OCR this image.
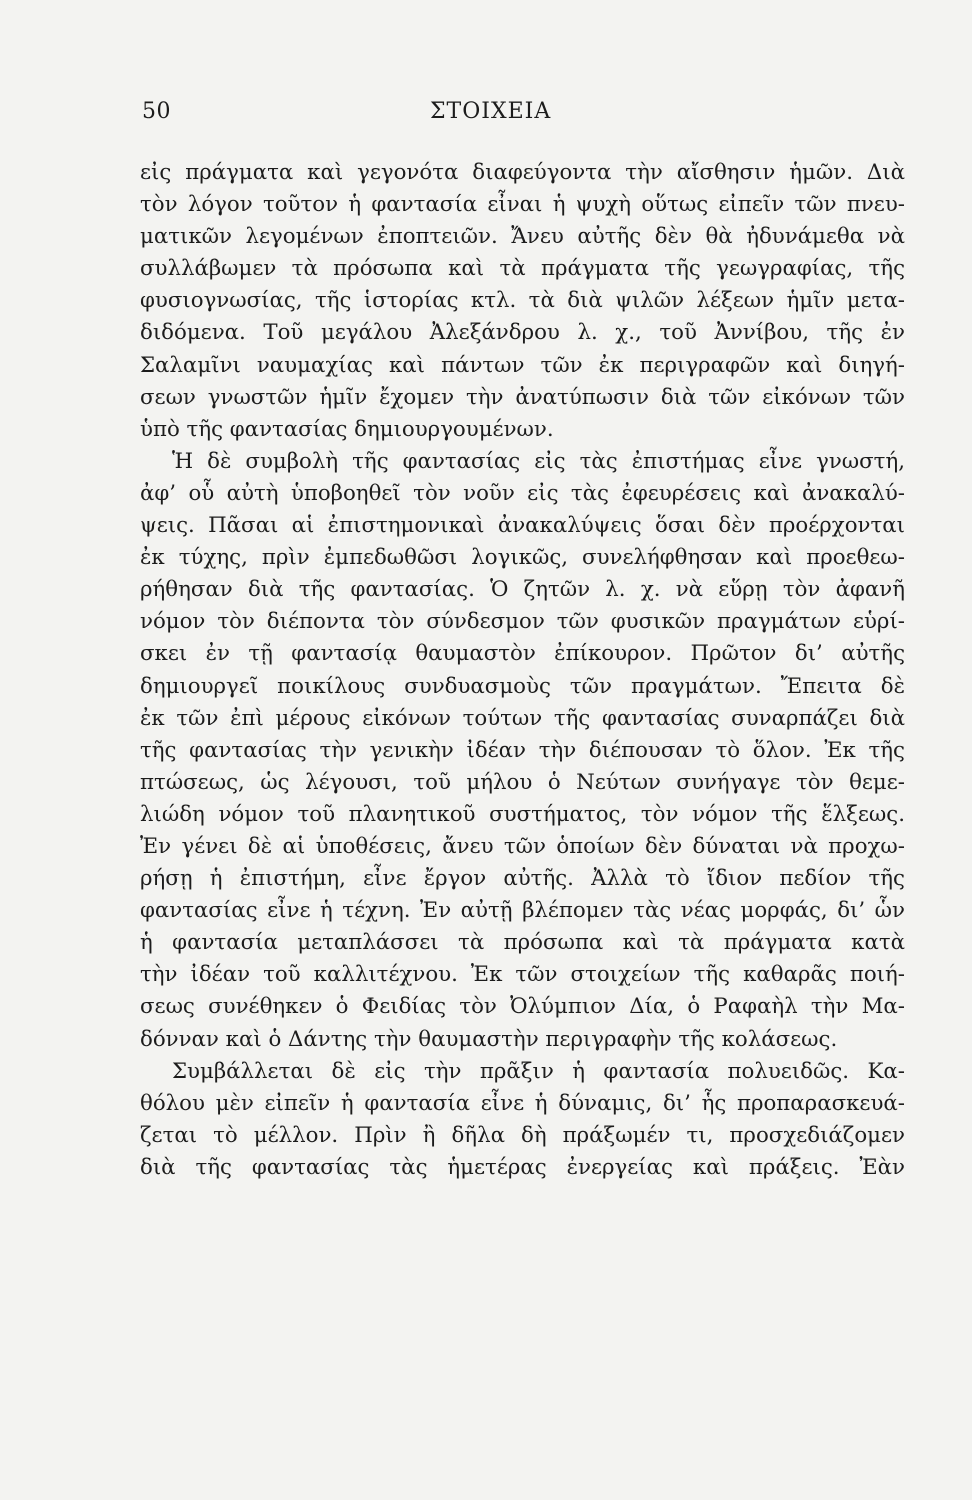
50	ΣΤΟΙΧΕΙΑ
εἰς πράγματα καὶ γεγονότα διαφεύγοντα τὴν αἴσθησιν ἡμῶν. Διὰ
τὸν λόγον τοῦτον ἡ φαντασία εἶναι ἡ ψυχὴ οὕτως εἰπεῖν τῶν πνευ-
ματικῶν λεγομένων ἐποπτειῶν. Ἄνευ αὐτῆς δὲν θὰ ἠδυνάμεθα νὰ
συλλάβωμεν τὰ πρόσωπα καὶ τὰ πράγματα τῆς γεωγραφίας, τῆς
φυσιογνωσίας, τῆς ἱστορίας κτλ. τὰ διὰ ψιλῶν λέξεων ἡμῖν μετα-
διδόμενα. Τοῦ μεγάλου Ἀλεξάνδρου λ. χ., τοῦ Ἀννίβου, τῆς ἐν
Σαλαμῖνι ναυμαχίας καὶ πάντων τῶν ἐκ περιγραφῶν καὶ διηγή-
σεων γνωστῶν ἡμῖν ἔχομεν τὴν ἀνατύπωσιν διὰ τῶν εἰκόνων τῶν
ὑπὸ τῆς φαντασίας δημιουργουμένων.
Ἡ δὲ συμβολὴ τῆς φαντασίας εἰς τὰς ἐπιστήμας εἶνε γνωστή,
ἀφ’ οὗ αὐτὴ ὑποβοηθεῖ τὸν νοῦν εἰς τὰς ἐφευρέσεις καὶ ἀνακαλύ-
ψεις. Πᾶσαι αἱ ἐπιστημονικαὶ ἀνακαλύψεις ὅσαι δὲν προέρχονται
ἐκ τύχης, πρὶν ἐμπεδωθῶσι λογικῶς, συνελήφθησαν καὶ προεθεω-
ρήθησαν διὰ τῆς φαντασίας. Ὁ ζητῶν λ. χ. νὰ εὕρῃ τὸν ἀφανῆ
νόμον τὸν διέποντα τὸν σύνδεσμον τῶν φυσικῶν πραγμάτων εὑρί-
σκει ἐν τῇ φαντασίᾳ θαυμαστὸν ἐπίκουρον. Πρῶτον δι’ αὐτῆς
δημιουργεῖ ποικίλους συνδυασμοὺς τῶν πραγμάτων. Ἔπειτα δὲ
ἐκ τῶν ἐπὶ μέρους εἰκόνων τούτων τῆς φαντασίας συναρπάζει διὰ
τῆς φαντασίας τὴν γενικὴν ἰδέαν τὴν διέπουσαν τὸ ὅλον. Ἐκ τῆς
πτώσεως, ὡς λέγουσι, τοῦ μήλου ὁ Νεύτων συνήγαγε τὸν θεμε-
λιώδη νόμον τοῦ πλανητικοῦ συστήματος, τὸν νόμον τῆς ἕλξεως.
Ἐν γένει δὲ αἱ ὑποθέσεις, ἄνευ τῶν ὁποίων δὲν δύναται νὰ προχω-
ρήσῃ ἡ ἐπιστήμη, εἶνε ἔργον αὐτῆς. Ἀλλὰ τὸ ἴδιον πεδίον τῆς
φαντασίας εἶνε ἡ τέχνη. Ἐν αὐτῇ βλέπομεν τὰς νέας μορφάς, δι’ ὧν
ἡ φαντασία μεταπλάσσει τὰ πρόσωπα καὶ τὰ πράγματα κατὰ
τὴν ἰδέαν τοῦ καλλιτέχνου. Ἐκ τῶν στοιχείων τῆς καθαρᾶς ποιή-
σεως συνέθηκεν ὁ Φειδίας τὸν Ὀλύμπιον Δία, ὁ Ραφαὴλ τὴν Μα-
δόνναν καὶ ὁ Δάντης τὴν θαυμαστὴν περιγραφὴν τῆς κολάσεως.
Συμβάλλεται δὲ εἰς τὴν πρᾶξιν ἡ φαντασία πολυειδῶς. Κα-
θόλου μὲν εἰπεῖν ἡ φαντασία εἶνε ἡ δύναμις, δι’ ἧς προπαρασκευά-
ζεται τὸ μέλλον. Πρὶν ἢ δῆλα δὴ πράξωμέν τι, προσχεδιάζομεν
διὰ τῆς φαντασίας τὰς ἡμετέρας ἐνεργείας καὶ πράξεις. Ἐὰν
